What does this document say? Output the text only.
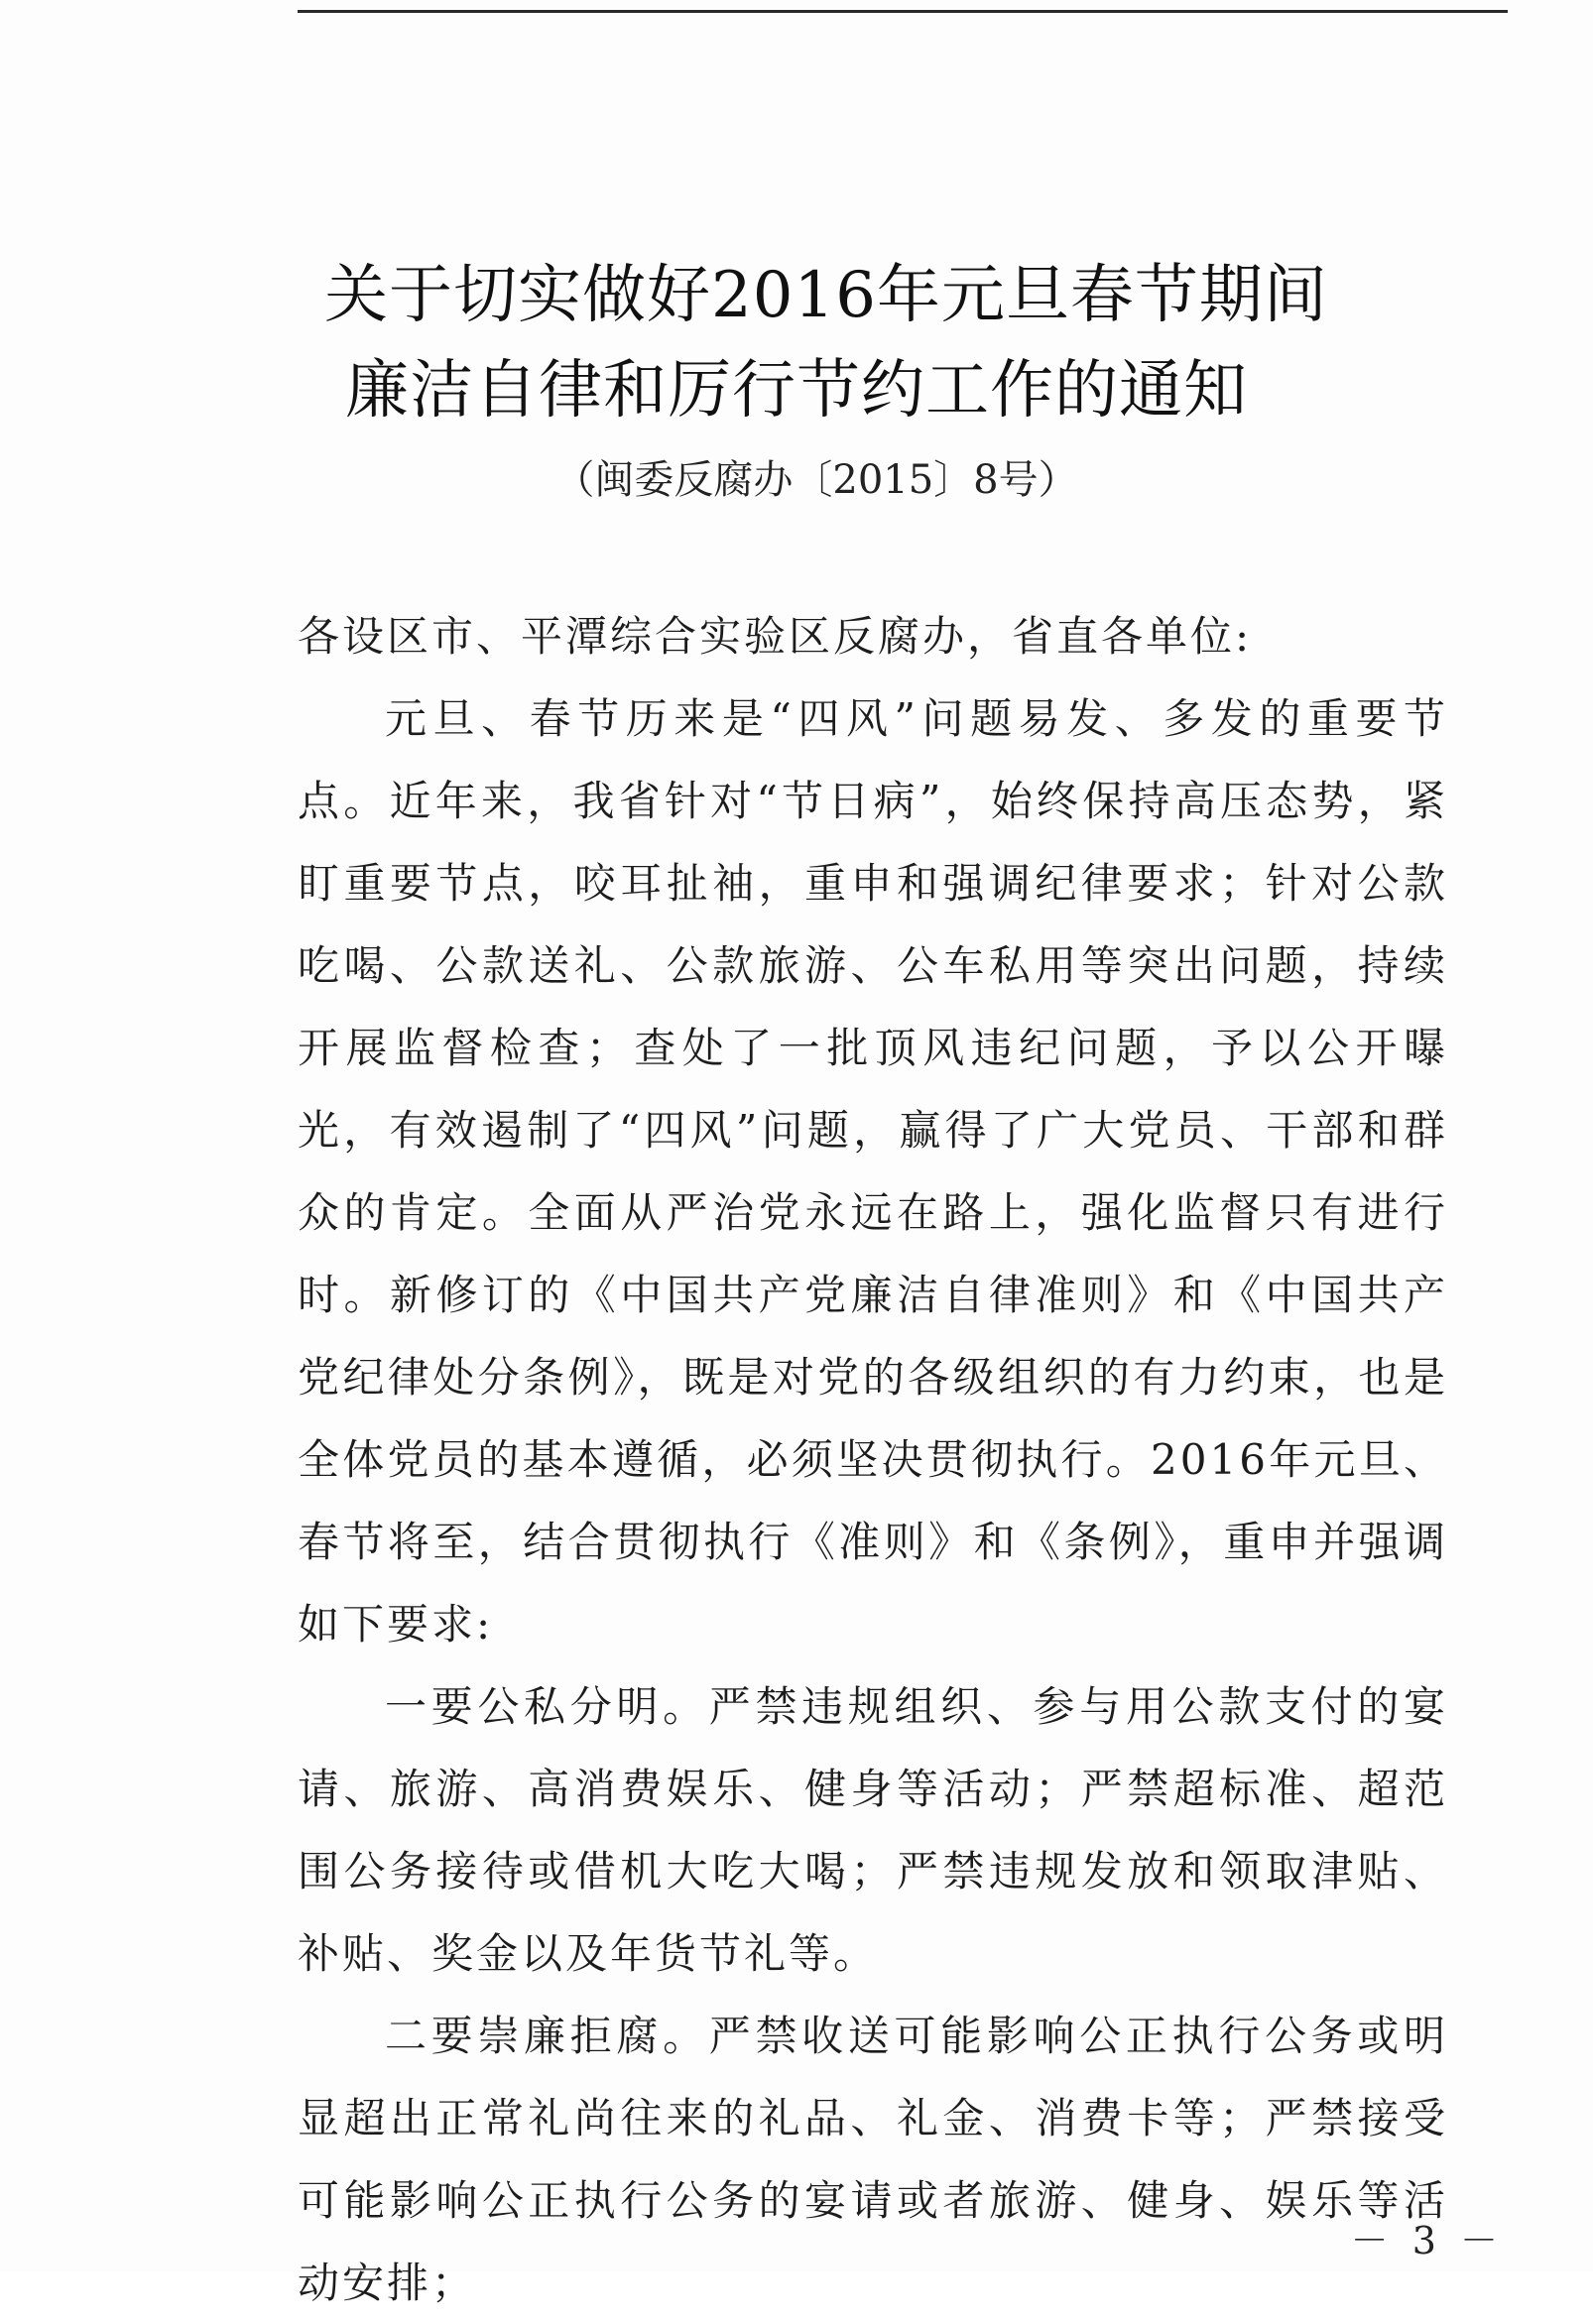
关于切实做好2016年元旦春节期间
廉洁自律和厉行节约工作的通知
（闽委反腐办〔2015〕8号）
各设区市、平潭综合实验区反腐办，省直各单位:

元旦、春节历来是“四风”问题易发、多发的重要节点。近年来，我省针对“节日病”，始终保持高压态势，紧盯重要节点，咬耳扯袖，重申和强调纪律要求；针对公款吃喝、公款送礼、公款旅游、公车私用等突出问题，持续开展监督检查；查处了一批顶风违纪问题，予以公开曝光，有效遏制了“四风”问题，赢得了广大党员、干部和群众的肯定。全面从严治党永远在路上，强化监督只有进行时。新修订的《中国共产党廉洁自律准则》和《中国共产党纪律处分条例》，既是对党的各级组织的有力约束，也是全体党员的基本遵循，必须坚决贯彻执行。2016年元旦、春节将至，结合贯彻执行《准则》和《条例》，重申并强调如下要求:

一要公私分明。严禁违规组织、参与用公款支付的宴请、旅游、高消费娱乐、健身等活动；严禁超标准、超范围公务接待或借机大吃大喝；严禁违规发放和领取津贴、补贴、奖金以及年货节礼等。

二要崇廉拒腐。严禁收送可能影响公正执行公务或明显超出正常礼尚往来的礼品、礼金、消费卡等；严禁接受可能影响公正执行公务的宴请或者旅游、健身、娱乐等活动安排；

－ 3 －
